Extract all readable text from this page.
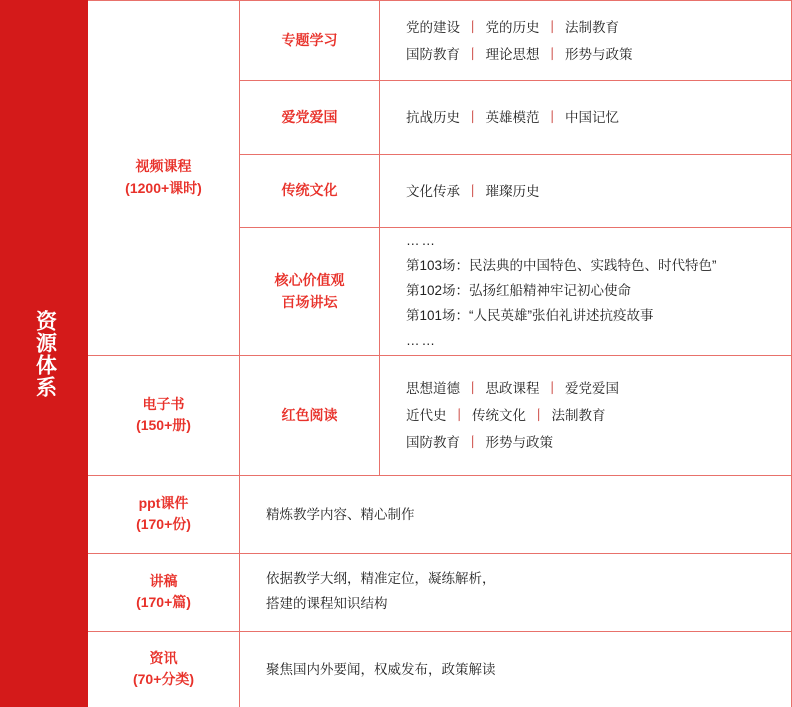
资源体系
视频课程
(1200+课时)
专题学习
党的建设 丨 党的历史 丨 法制教育
国防教育 丨 理论思想 丨 形势与政策
爱党爱国	抗战历史 丨 英雄模范 丨 中国记忆
传统文化	文化传承 丨 璀璨历史
核心价值观
百场讲坛
……
第103场：民法典的中国特色、实践特色、时代特色”
第102场：弘扬红船精神牢记初心使命
第101场：“人民英雄”张伯礼讲述抗疫故事
……
电子书
(150+册)
红色阅读
思想道德 丨 思政课程 丨 爱党爱国
近代史 丨 传统文化 丨 法制教育
国防教育 丨 形势与政策
ppt课件
(170+份)
精炼教学内容、精心制作
讲稿
(170+篇)
依据教学大纲，精准定位，凝练解析，
搭建的课程知识结构
资讯
(70+分类)
聚焦国内外要闻，权威发布，政策解读
